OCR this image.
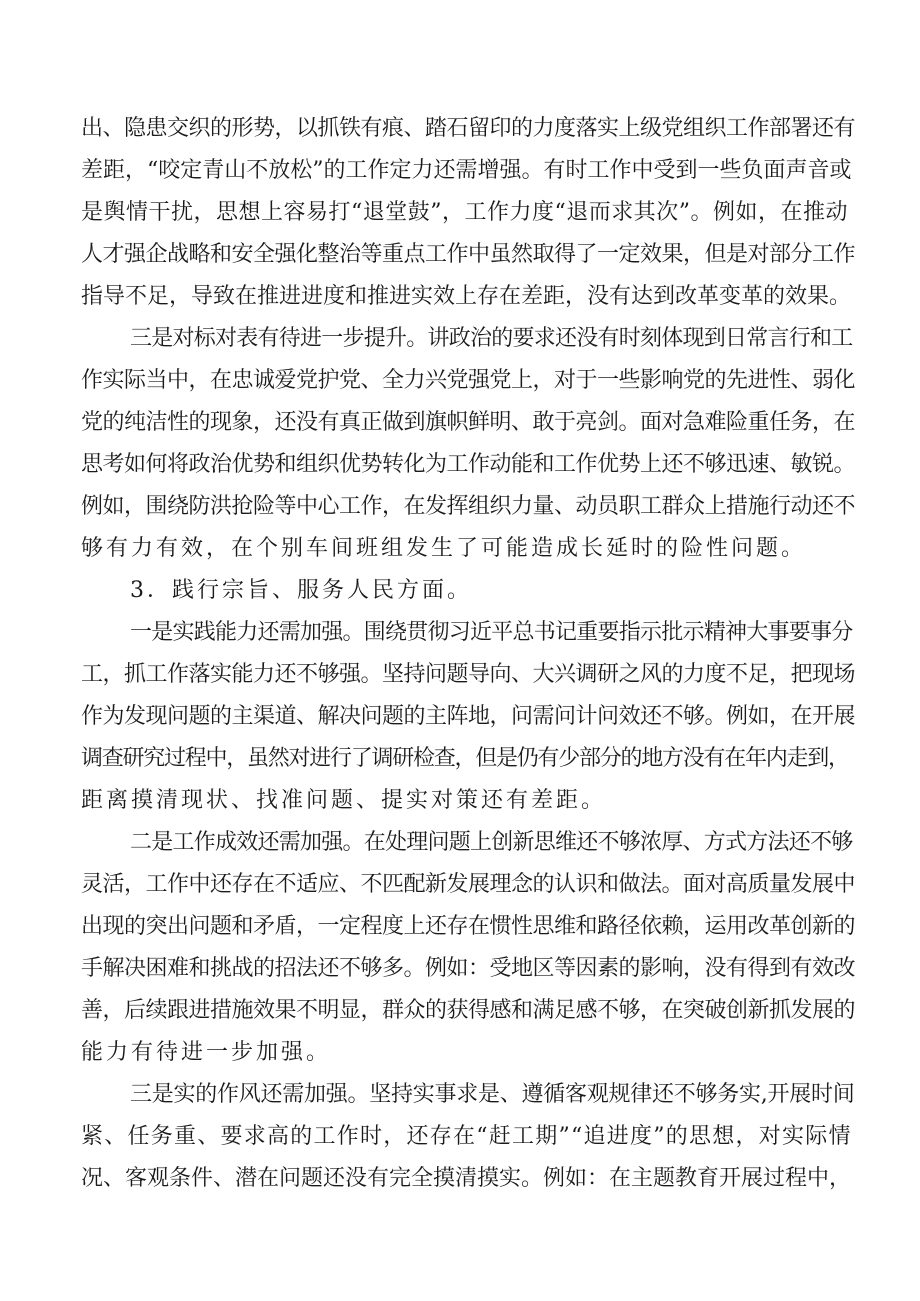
出、隐患交织的形势，以抓铁有痕、踏石留印的力度落实上级党组织工作部署还有
差距，“咬定青山不放松”的工作定力还需增强。有时工作中受到一些负面声音或
是舆情干扰，思想上容易打“退堂鼓”，工作力度“退而求其次”。例如，在推动
人才强企战略和安全强化整治等重点工作中虽然取得了一定效果，但是对部分工作
指导不足，导致在推进进度和推进实效上存在差距，没有达到改革变革的效果。
三是对标对表有待进一步提升。讲政治的要求还没有时刻体现到日常言行和工
作实际当中，在忠诚爱党护党、全力兴党强党上，对于一些影响党的先进性、弱化
党的纯洁性的现象，还没有真正做到旗帜鲜明、敢于亮剑。面对急难险重任务，在
思考如何将政治优势和组织优势转化为工作动能和工作优势上还不够迅速、敏锐。
例如，围绕防洪抢险等中心工作，在发挥组织力量、动员职工群众上措施行动还不
够有力有效，在个别车间班组发生了可能造成长延时的险性问题。
3．践行宗旨、服务人民方面。
一是实践能力还需加强。围绕贯彻习近平总书记重要指示批示精神大事要事分
工，抓工作落实能力还不够强。坚持问题导向、大兴调研之风的力度不足，把现场
作为发现问题的主渠道、解决问题的主阵地，问需问计问效还不够。例如，在开展
调查研究过程中，虽然对进行了调研检查，但是仍有少部分的地方没有在年内走到，
距离摸清现状、找准问题、提实对策还有差距。
二是工作成效还需加强。在处理问题上创新思维还不够浓厚、方式方法还不够
灵活，工作中还存在不适应、不匹配新发展理念的认识和做法。面对高质量发展中
出现的突出问题和矛盾，一定程度上还存在惯性思维和路径依赖，运用改革创新的
手解决困难和挑战的招法还不够多。例如：受地区等因素的影响，没有得到有效改
善，后续跟进措施效果不明显，群众的获得感和满足感不够，在突破创新抓发展的
能力有待进一步加强。
三是实的作风还需加强。坚持实事求是、遵循客观规律还不够务实,开展时间
紧、任务重、要求高的工作时，还存在“赶工期”“追进度”的思想，对实际情
况、客观条件、潜在问题还没有完全摸清摸实。例如：在主题教育开展过程中，
